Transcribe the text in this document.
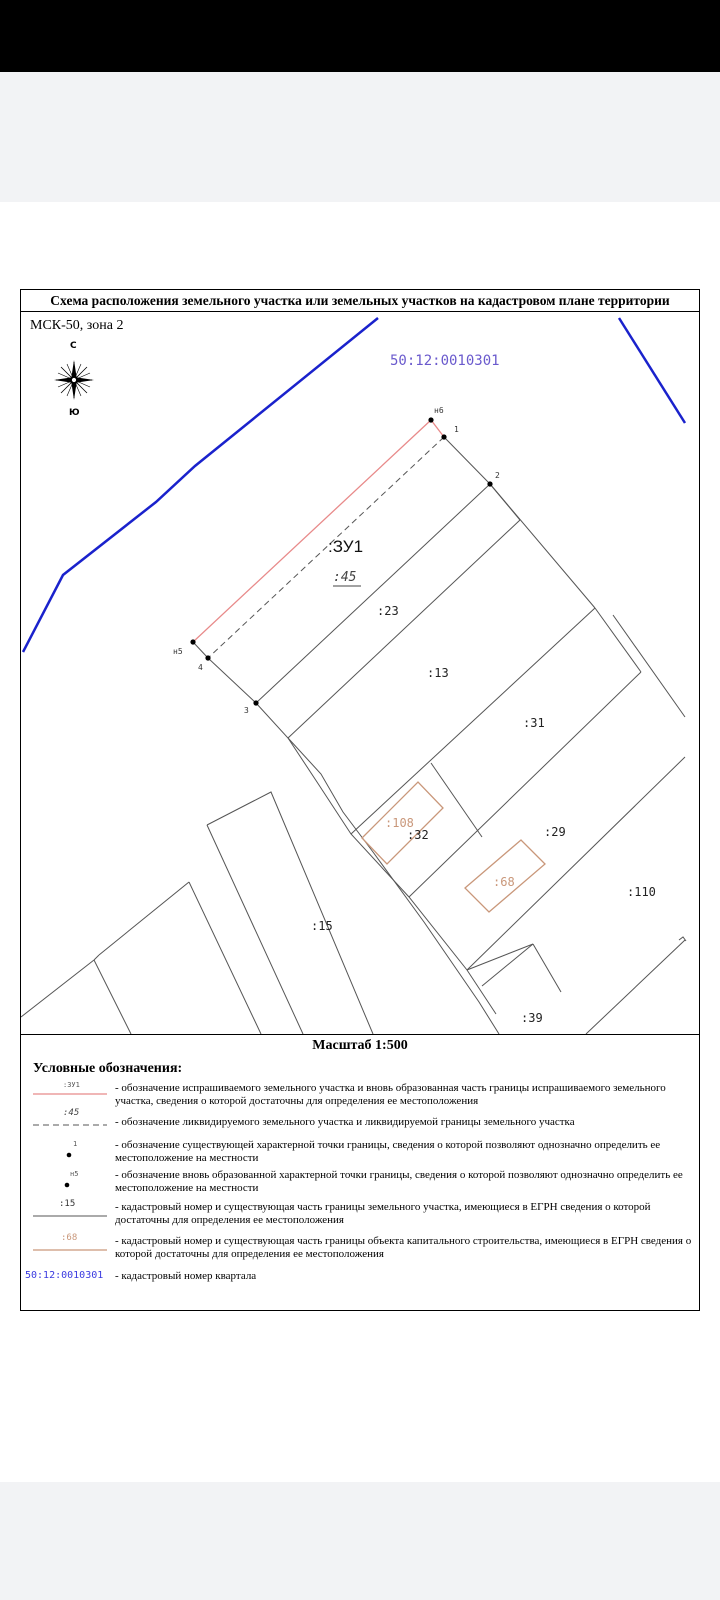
Схема расположения земельного участка или земельных участков на кадастровом плане территории
н6
1
2
н5
4
3
С
Ю
50:12:0010301
:ЗУ1
:45
:23
:13
:31
:32	:29
:110
:15
:39
:108
:68
МСК-50, зона 2
Масштаб 1:500
Условные обозначения:
:ЗУ1	- обозначение испрашиваемого земельного участка и вновь образованная часть границы испрашиваемого земельного участка, сведения о которой достаточны для определения ее местоположения
:45
- обозначение ликвидируемого земельного участка и ликвидируемой границы земельного участка
1	- обозначение существующей характерной точки границы, сведения о которой позволяют однозначно определить ее местоположение на местности
н5	- обозначение вновь образованной характерной точки границы, сведения о которой позволяют однозначно определить ее местоположение на местности
:15	- кадастровый номер и существующая часть границы земельного участка, имеющиеся в ЕГРН сведения о которой достаточны для определения ее местоположения
:68	- кадастровый номер и существующая часть границы объекта капитального строительства, имеющиеся в ЕГРН сведения о которой достаточны для определения ее местоположения
50:12:0010301 - кадастровый номер квартала
